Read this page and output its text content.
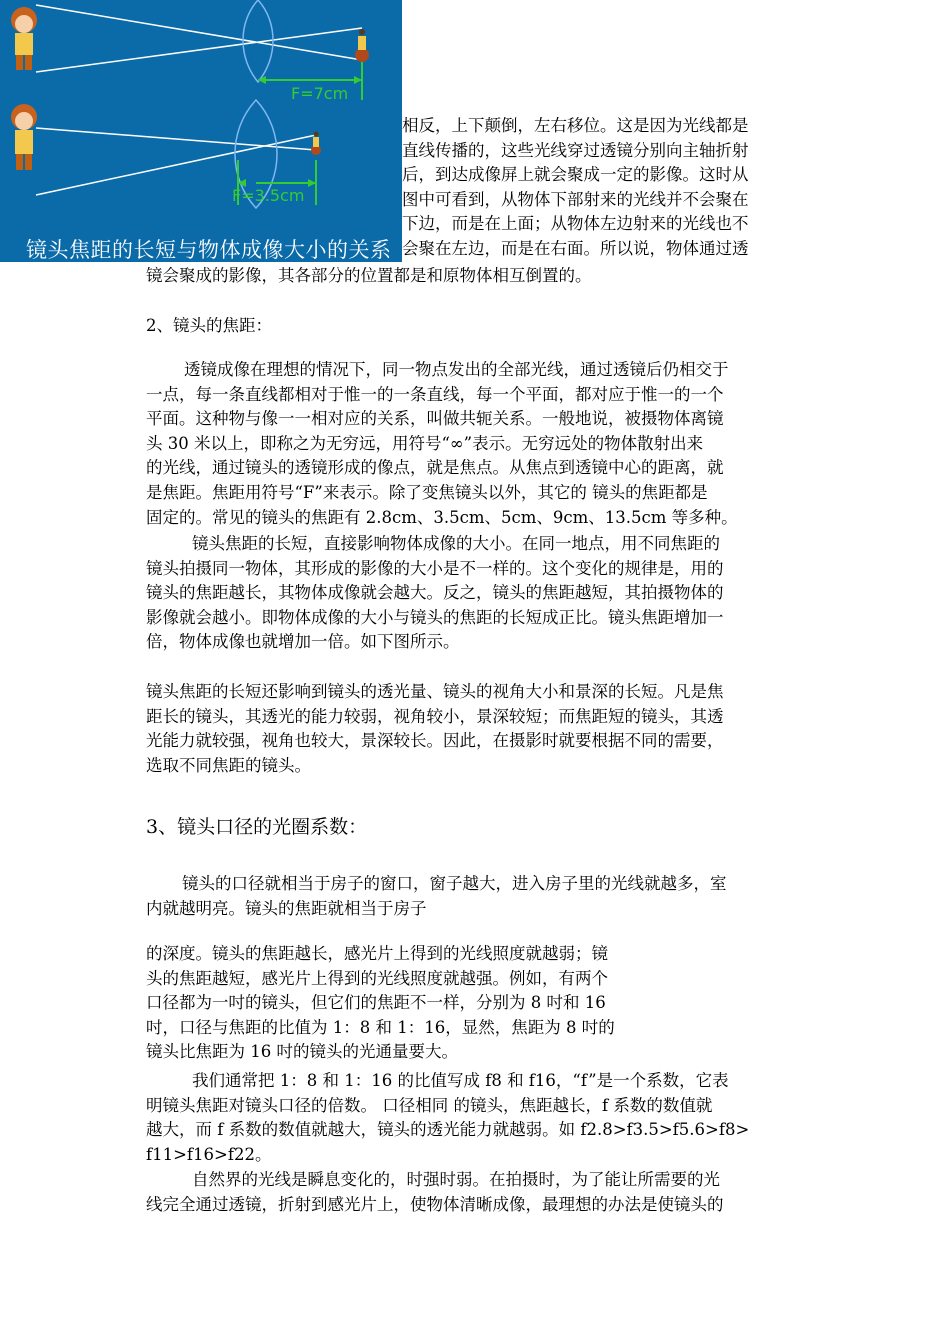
F=7cm
F=3.5cm
镜头焦距的长短与物体成像大小的关系
相反，上下颠倒，左右移位。这是因为光线都是
直线传播的，这些光线穿过透镜分别向主轴折射
后，到达成像屏上就会聚成一定的影像。这时从
图中可看到，从物体下部射来的光线并不会聚在
下边，而是在上面；从物体左边射来的光线也不
会聚在左边，而是在右面。所以说，物体通过透
镜会聚成的影像，其各部分的位置都是和原物体相互倒置的。
2、镜头的焦距：
透镜成像在理想的情况下，同一物点发出的全部光线，通过透镜后仍相交于
一点，每一条直线都相对于惟一的一条直线，每一个平面，都对应于惟一的一个
平面。这种物与像一一相对应的关系，叫做共轭关系。一般地说，被摄物体离镜
头 30 米以上，即称之为无穷远，用符号“∞”表示。无穷远处的物体散射出来
的光线，通过镜头的透镜形成的像点，就是焦点。从焦点到透镜中心的距离，就
是焦距。焦距用符号“F”来表示。除了变焦镜头以外，其它的 镜头的焦距都是
固定的。常见的镜头的焦距有 2.8cm、3.5cm、5cm、9cm、13.5cm 等多种。
镜头焦距的长短，直接影响物体成像的大小。在同一地点，用不同焦距的
镜头拍摄同一物体，其形成的影像的大小是不一样的。这个变化的规律是，用的
镜头的焦距越长，其物体成像就会越大。反之，镜头的焦距越短，其拍摄物体的
影像就会越小。即物体成像的大小与镜头的焦距的长短成正比。镜头焦距增加一
倍，物体成像也就增加一倍。如下图所示。
镜头焦距的长短还影响到镜头的透光量、镜头的视角大小和景深的长短。凡是焦
距长的镜头，其透光的能力较弱，视角较小，景深较短；而焦距短的镜头，其透
光能力就较强，视角也较大，景深较长。因此，在摄影时就要根据不同的需要，
选取不同焦距的镜头。
3、镜头口径的光圈系数：
镜头的口径就相当于房子的窗口，窗子越大，进入房子里的光线就越多，室
内就越明亮。镜头的焦距就相当于房子
的深度。镜头的焦距越长，感光片上得到的光线照度就越弱；镜
头的焦距越短，感光片上得到的光线照度就越强。例如，有两个
口径都为一吋的镜头，但它们的焦距不一样，分别为 8 吋和 16
吋，口径与焦距的比值为 1：8 和 1：16，显然，焦距为 8 吋的
镜头比焦距为 16 吋的镜头的光通量要大。
我们通常把 1：8 和 1：16 的比值写成 f8 和 f16，“f”是一个系数，它表
明镜头焦距对镜头口径的倍数。 口径相同 的镜头，焦距越长，f 系数的数值就
越大，而 f 系数的数值就越大，镜头的透光能力就越弱。如 f2.8>f3.5>f5.6>f8>
f11>f16>f22。
自然界的光线是瞬息变化的，时强时弱。在拍摄时，为了能让所需要的光
线完全通过透镜，折射到感光片上，使物体清晰成像，最理想的办法是使镜头的
